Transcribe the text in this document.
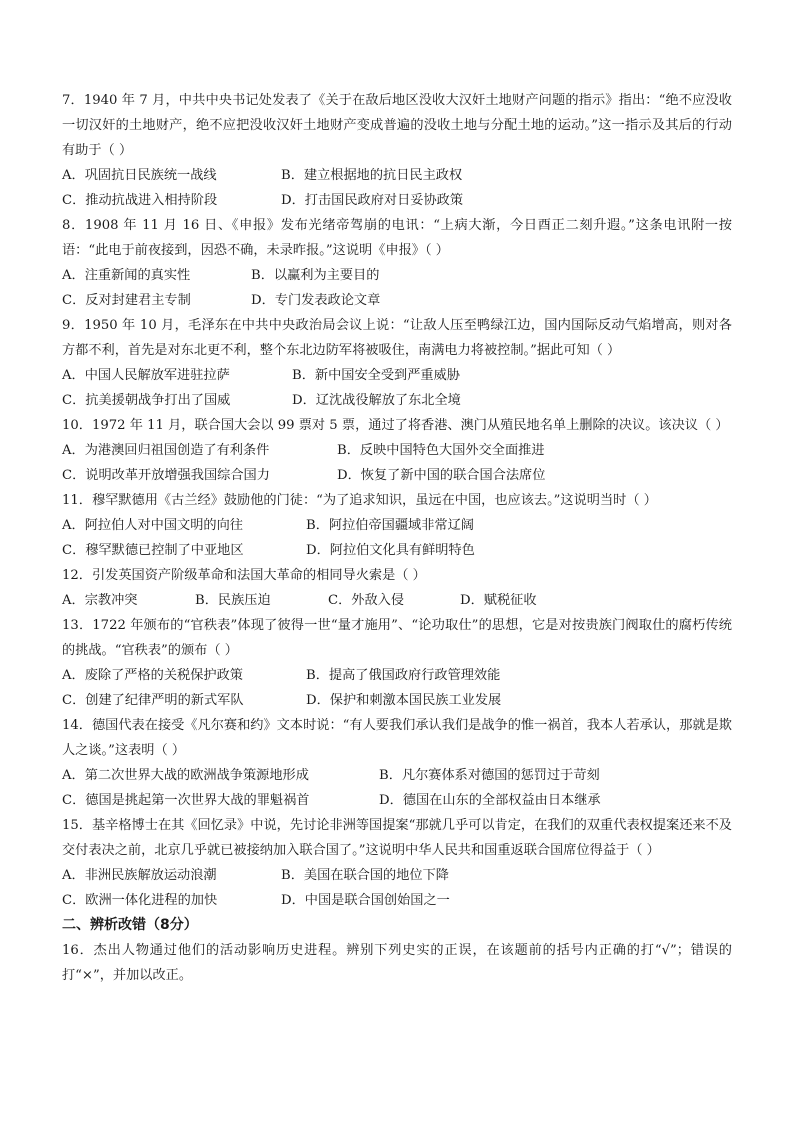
7．1940 年 7 月，中共中央书记处发表了《关于在敌后地区没收大汉奸土地财产问题的指示》指出：“绝不应没收一切汉奸的土地财产，绝不应把没收汉奸土地财产变成普遍的没收土地与分配土地的运动。”这一指示及其后的行动有助于（ ）

A．巩固抗日民族统一战线	B．建立根据地的抗日民主政权
C．推动抗战进入相持阶段	D．打击国民政府对日妥协政策

8．1908 年 11 月 16 日、《申报》发布光绪帝驾崩的电讯：“上病大渐，今日酉正二刻升遐。”这条电讯附一按语：“此电于前夜接到，因恐不确，未录昨报。”这说明《申报》（ ）

A．注重新闻的真实性	B．以赢利为主要目的
C．反对封建君主专制	D．专门发表政论文章

9．1950 年 10 月，毛泽东在中共中央政治局会议上说：“让敌人压至鸭绿江边，国内国际反动气焰增高，则对各方都不利，首先是对东北更不利，整个东北边防军将被吸住，南满电力将被控制。”据此可知（ ）

A．中国人民解放军进驻拉萨	B．新中国安全受到严重威胁
C．抗美援朝战争打出了国威	D．辽沈战役解放了东北全境

10．1972 年 11 月，联合国大会以 99 票对 5 票，通过了将香港、澳门从殖民地名单上删除的决议。该决议（ ）

A．为港澳回归祖国创造了有利条件	B．反映中国特色大国外交全面推进
C．说明改革开放增强我国综合国力	D．恢复了新中国的联合国合法席位

11．穆罕默德用《古兰经》鼓励他的门徒：“为了追求知识，虽远在中国，也应该去。”这说明当时（ ）

A．阿拉伯人对中国文明的向往	B．阿拉伯帝国疆域非常辽阔
C．穆罕默德已控制了中亚地区	D．阿拉伯文化具有鲜明特色

12．引发英国资产阶级革命和法国大革命的相同导火索是（ ）

A．宗教冲突	B．民族压迫	C．外敌入侵	D．赋税征收

13．1722 年颁布的“官秩表”体现了彼得一世“量才施用”、“论功取仕”的思想，它是对按贵族门阀取仕的腐朽传统的挑战。“官秩表”的颁布（ ）

A．废除了严格的关税保护政策	B．提高了俄国政府行政管理效能
C．创建了纪律严明的新式军队	D．保护和刺激本国民族工业发展

14．德国代表在接受《凡尔赛和约》文本时说：“有人要我们承认我们是战争的惟一祸首，我本人若承认，那就是欺人之谈。”这表明（ ）

A．第二次世界大战的欧洲战争策源地形成	B．凡尔赛体系对德国的惩罚过于苛刻
C．德国是挑起第一次世界大战的罪魁祸首	D．德国在山东的全部权益由日本继承

15．基辛格博士在其《回忆录》中说，先讨论非洲等国提案“那就几乎可以肯定，在我们的双重代表权提案还来不及交付表决之前，北京几乎就已被接纳加入联合国了。”这说明中华人民共和国重返联合国席位得益于（ ）

A．非洲民族解放运动浪潮	B．美国在联合国的地位下降
C．欧洲一体化进程的加快	D．中国是联合国创始国之一
二、辨析改错（8分）

16．杰出人物通过他们的活动影响历史进程。辨别下列史实的正误，在该题前的括号内正确的打“√”；错误的打“×”，并加以改正。
